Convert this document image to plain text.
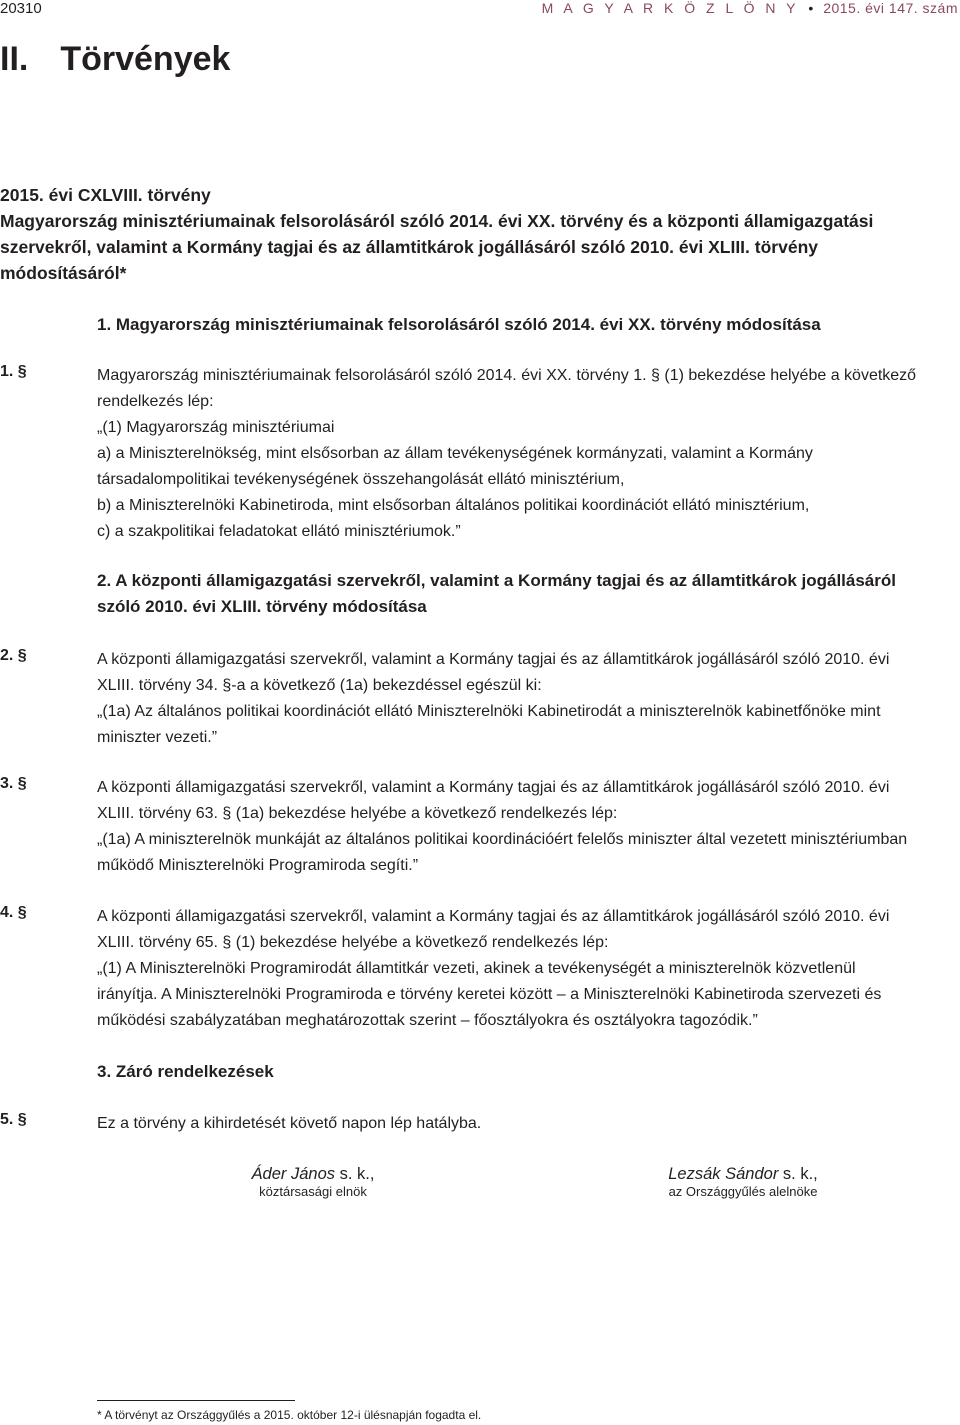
20310	M A G Y A R K Ö Z L Ö N Y • 2015. évi 147. szám
II. Törvények
2015. évi CXLVIII. törvény
Magyarország minisztériumainak felsorolásáról szóló 2014. évi XX. törvény és a központi államigazgatási
szervekről, valamint a Kormány tagjai és az államtitkárok jogállásáról szóló 2010. évi XLIII. törvény
módosításáról*
1. Magyarország minisztériumainak felsorolásáról szóló 2014. évi XX. törvény módosítása
1. §	Magyarország minisztériumainak felsorolásáról szóló 2014. évi XX. törvény 1. § (1) bekezdése helyébe a következő
rendelkezés lép:
„(1) Magyarország minisztériumai
a) a Miniszterelnökség, mint elsősorban az állam tevékenységének kormányzati, valamint a Kormány
társadalompolitikai tevékenységének összehangolását ellátó minisztérium,
b) a Miniszterelnöki Kabinetiroda, mint elsősorban általános politikai koordinációt ellátó minisztérium,
c) a szakpolitikai feladatokat ellátó minisztériumok.”
2. A központi államigazgatási szervekről, valamint a Kormány tagjai és az államtitkárok jogállásáról
szóló 2010. évi XLIII. törvény módosítása
2. §	A központi államigazgatási szervekről, valamint a Kormány tagjai és az államtitkárok jogállásáról szóló 2010. évi
XLIII. törvény 34. §-a a következő (1a) bekezdéssel egészül ki:
„(1a) Az általános politikai koordinációt ellátó Miniszterelnöki Kabinetirodát a miniszterelnök kabinetfőnöke mint
miniszter vezeti.”
3. §	A központi államigazgatási szervekről, valamint a Kormány tagjai és az államtitkárok jogállásáról szóló 2010. évi
XLIII. törvény 63. § (1a) bekezdése helyébe a következő rendelkezés lép:
„(1a) A miniszterelnök munkáját az általános politikai koordinációért felelős miniszter által vezetett minisztériumban
működő Miniszterelnöki Programiroda segíti.”
4. §	A központi államigazgatási szervekről, valamint a Kormány tagjai és az államtitkárok jogállásáról szóló 2010. évi
XLIII. törvény 65. § (1) bekezdése helyébe a következő rendelkezés lép:
„(1) A Miniszterelnöki Programirodát államtitkár vezeti, akinek a tevékenységét a miniszterelnök közvetlenül
irányítja. A Miniszterelnöki Programiroda e törvény keretei között – a Miniszterelnöki Kabinetiroda szervezeti és
működési szabályzatában meghatározottak szerint – főosztályokra és osztályokra tagozódik.”
3. Záró rendelkezések
5. §	Ez a törvény a kihirdetését követő napon lép hatályba.
Áder János s. k.,
köztársasági elnök
Lezsák Sándor s. k.,
az Országgyűlés alelnöke
* A törvényt az Országgyűlés a 2015. október 12-i ülésnapján fogadta el.
